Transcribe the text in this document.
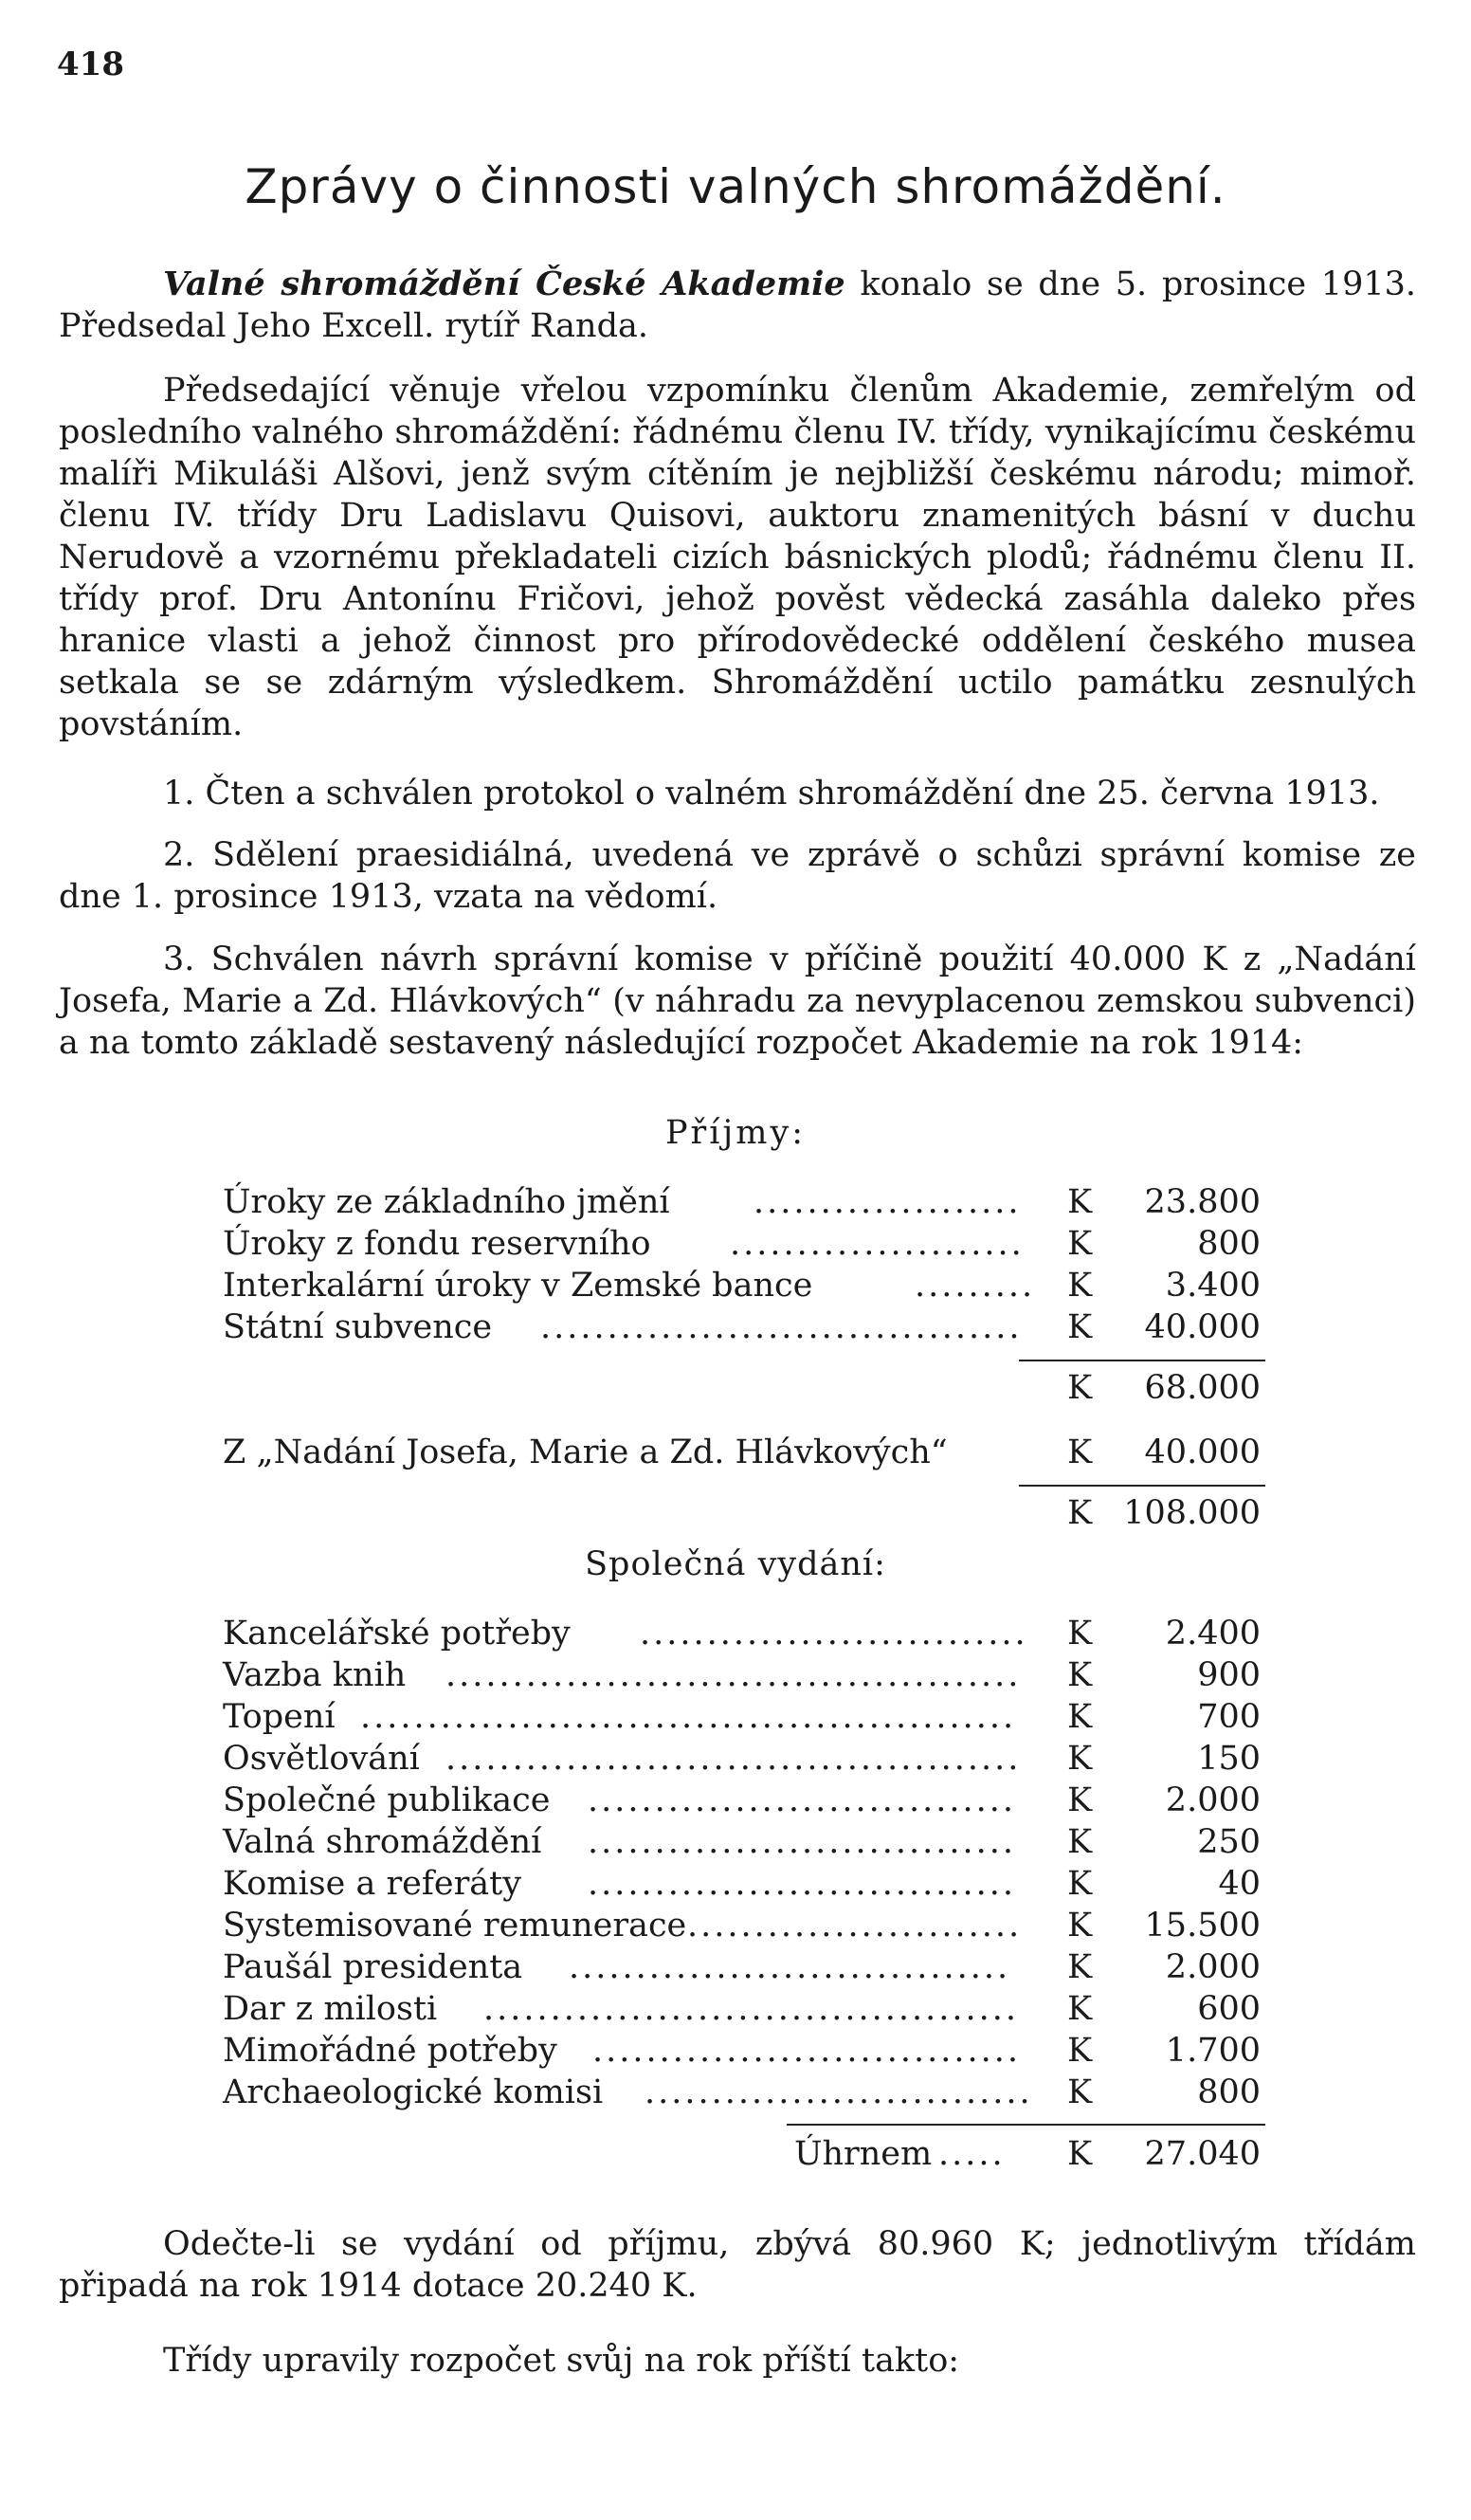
418
Zprávy o činnosti valných shromáždění.

Valné shromáždění České Akademie konalo se dne 5. prosince 1913. Předsedal Jeho Excell. rytíř Randa.

Předsedající věnuje vřelou vzpomínku členům Akademie, zemřelým od posledního valného shromáždění: řádnému členu IV. třídy, vynikajícímu českému malíři Mikuláši Alšovi, jenž svým cítěním je nejbližší českému národu; mimoř. členu IV. třídy Dru Ladislavu Quisovi, auktoru znamenitých básní v duchu Nerudově a vzornému překladateli cizích básnických plodů; řádnému členu II. třídy prof. Dru Antonínu Fričovi, jehož pověst vědecká zasáhla daleko přes hranice vlasti a jehož činnost pro přírodovědecké oddělení českého musea setkala se se zdárným výsledkem. Shromáždění uctilo památku zesnulých povstáním.

1. Čten a schválen protokol o valném shromáždění dne 25. června 1913.

2. Sdělení praesidiálná, uvedená ve zprávě o schůzi správní komise ze dne 1. prosince 1913, vzata na vědomí.

3. Schválen návrh správní komise v příčině použití 40.000 K z „Nadání Josefa, Marie a Zd. Hlávkových“ (v náhradu za nevyplacenou zemskou subvenci) a na tomto základě sestavený následující rozpočet Akademie na rok 1914:

Příjmy:
Úroky ze základního jmění	....................	K 23.800
Úroky z fondu reservního ......................	K	800
Interkalární úroky v Zemské bance	......... K 3.400
Státní subvence ....................................	K 40.000
K 68.000
Z „Nadání Josefa, Marie a Zd. Hlávkových“	K 40.000
K 108.000
Společná vydání:
Kancelářské potřeby ............................. K 2.400
Vazba knih ...........................................	K	900
Topení .................................................	K	700
Osvětlování ...........................................	K	150
Společné publikace ................................	K 2.000
Valná shromáždění ................................	K	250
Komise a referáty ................................	K	40
Systemisované remunerace .........................	K 15.500
Paušál presidenta .................................	K 2.000
Dar z milosti ........................................	K	600
Mimořádné potřeby ................................	K 1.700
Archaeologické komisi ............................. K	800
Úhrnem .....	K 27.040

Odečte-li se vydání od příjmu, zbývá 80.960 K; jednotlivým třídám připadá na rok 1914 dotace 20.240 K.

Třídy upravily rozpočet svůj na rok příští takto:
